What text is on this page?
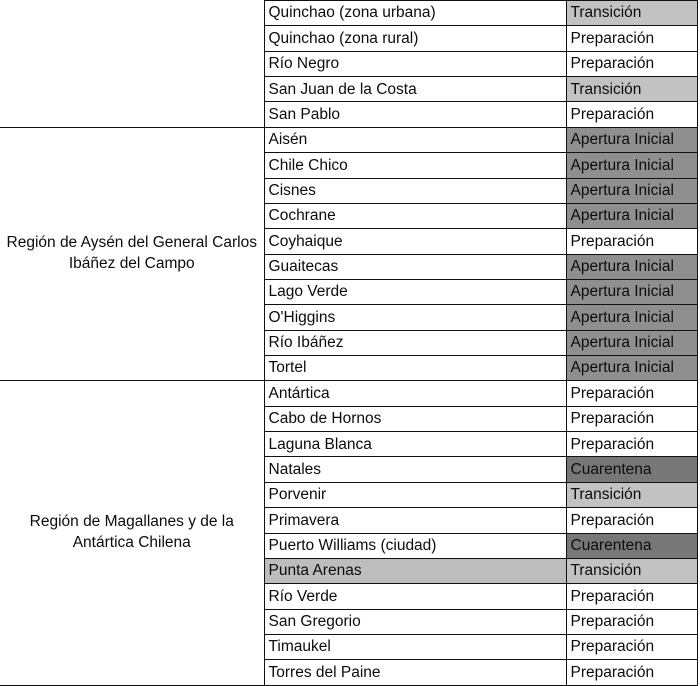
	Quinchao (zona urbana)	Transición
	Quinchao (zona rural)	Preparación
	Río Negro	Preparación
	San Juan de la Costa	Transición
	San Pablo	Preparación
Región de Aysén del General Carlos Ibáñez del Campo	Aisén	Apertura Inicial
	Chile Chico	Apertura Inicial
	Cisnes	Apertura Inicial
	Cochrane	Apertura Inicial
	Coyhaique	Preparación
	Guaitecas	Apertura Inicial
	Lago Verde	Apertura Inicial
	O'Higgins	Apertura Inicial
	Río Ibáñez	Apertura Inicial
	Tortel	Apertura Inicial
Región de Magallanes y de la Antártica Chilena	Antártica	Preparación
	Cabo de Hornos	Preparación
	Laguna Blanca	Preparación
	Natales	Cuarentena
	Porvenir	Transición
	Primavera	Preparación
	Puerto Williams (ciudad)	Cuarentena
	Punta Arenas	Transición
	Río Verde	Preparación
	San Gregorio	Preparación
	Timaukel	Preparación
	Torres del Paine	Preparación
